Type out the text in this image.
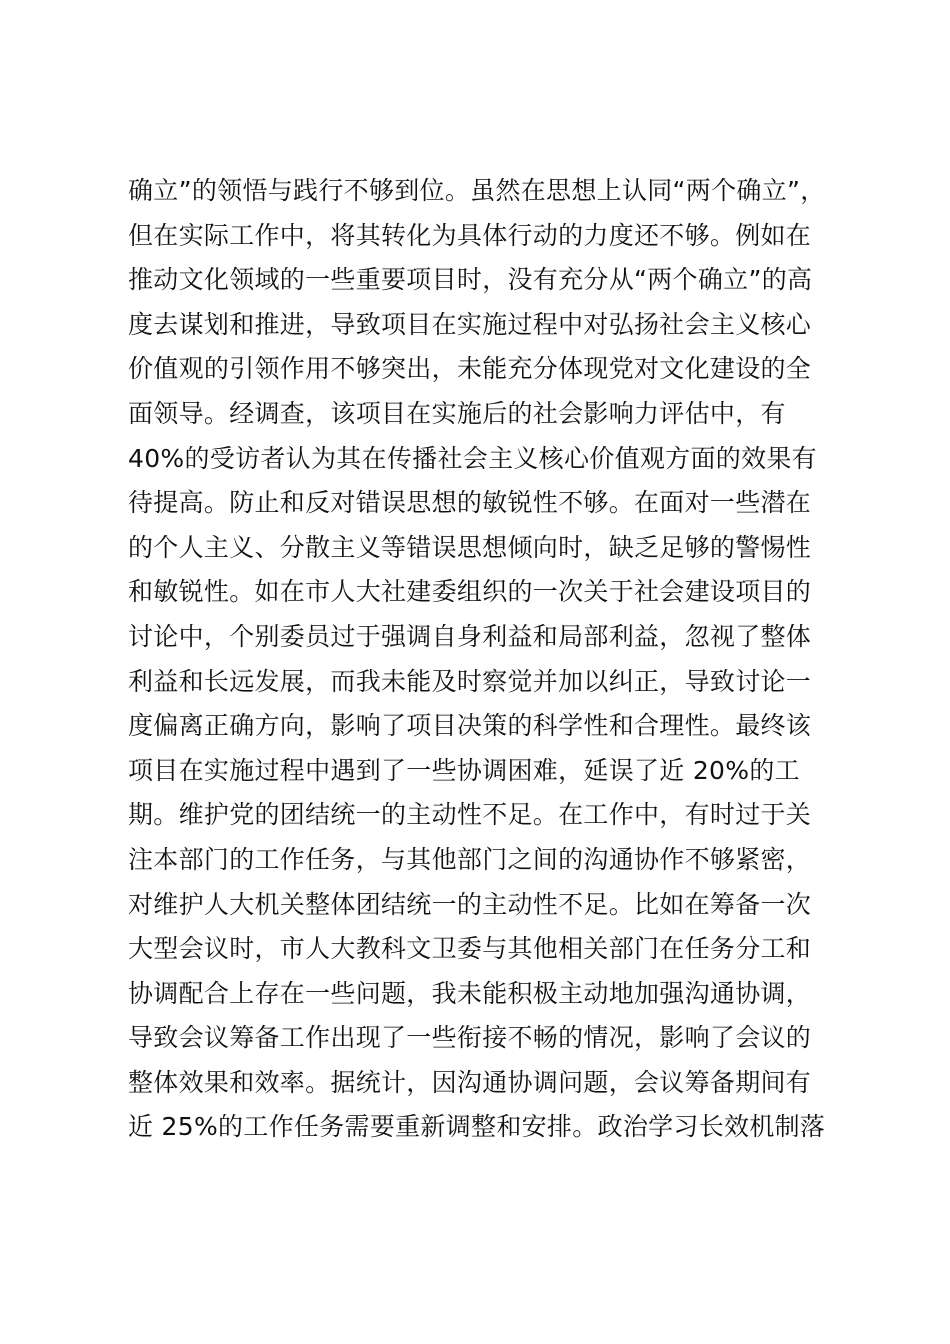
确立”的领悟与践行不够到位。虽然在思想上认同“两个确立”，
但在实际工作中，将其转化为具体行动的力度还不够。例如在
推动文化领域的一些重要项目时，没有充分从“两个确立”的高
度去谋划和推进，导致项目在实施过程中对弘扬社会主义核心
价值观的引领作用不够突出，未能充分体现党对文化建设的全
面领导。经调查，该项目在实施后的社会影响力评估中，有
40%的受访者认为其在传播社会主义核心价值观方面的效果有
待提高。防止和反对错误思想的敏锐性不够。在面对一些潜在
的个人主义、分散主义等错误思想倾向时，缺乏足够的警惕性
和敏锐性。如在市人大社建委组织的一次关于社会建设项目的
讨论中，个别委员过于强调自身利益和局部利益，忽视了整体
利益和长远发展，而我未能及时察觉并加以纠正，导致讨论一
度偏离正确方向，影响了项目决策的科学性和合理性。最终该
项目在实施过程中遇到了一些协调困难，延误了近 20%的工
期。维护党的团结统一的主动性不足。在工作中，有时过于关
注本部门的工作任务，与其他部门之间的沟通协作不够紧密，
对维护人大机关整体团结统一的主动性不足。比如在筹备一次
大型会议时，市人大教科文卫委与其他相关部门在任务分工和
协调配合上存在一些问题，我未能积极主动地加强沟通协调，
导致会议筹备工作出现了一些衔接不畅的情况，影响了会议的
整体效果和效率。据统计，因沟通协调问题，会议筹备期间有
近 25%的工作任务需要重新调整和安排。政治学习长效机制落
